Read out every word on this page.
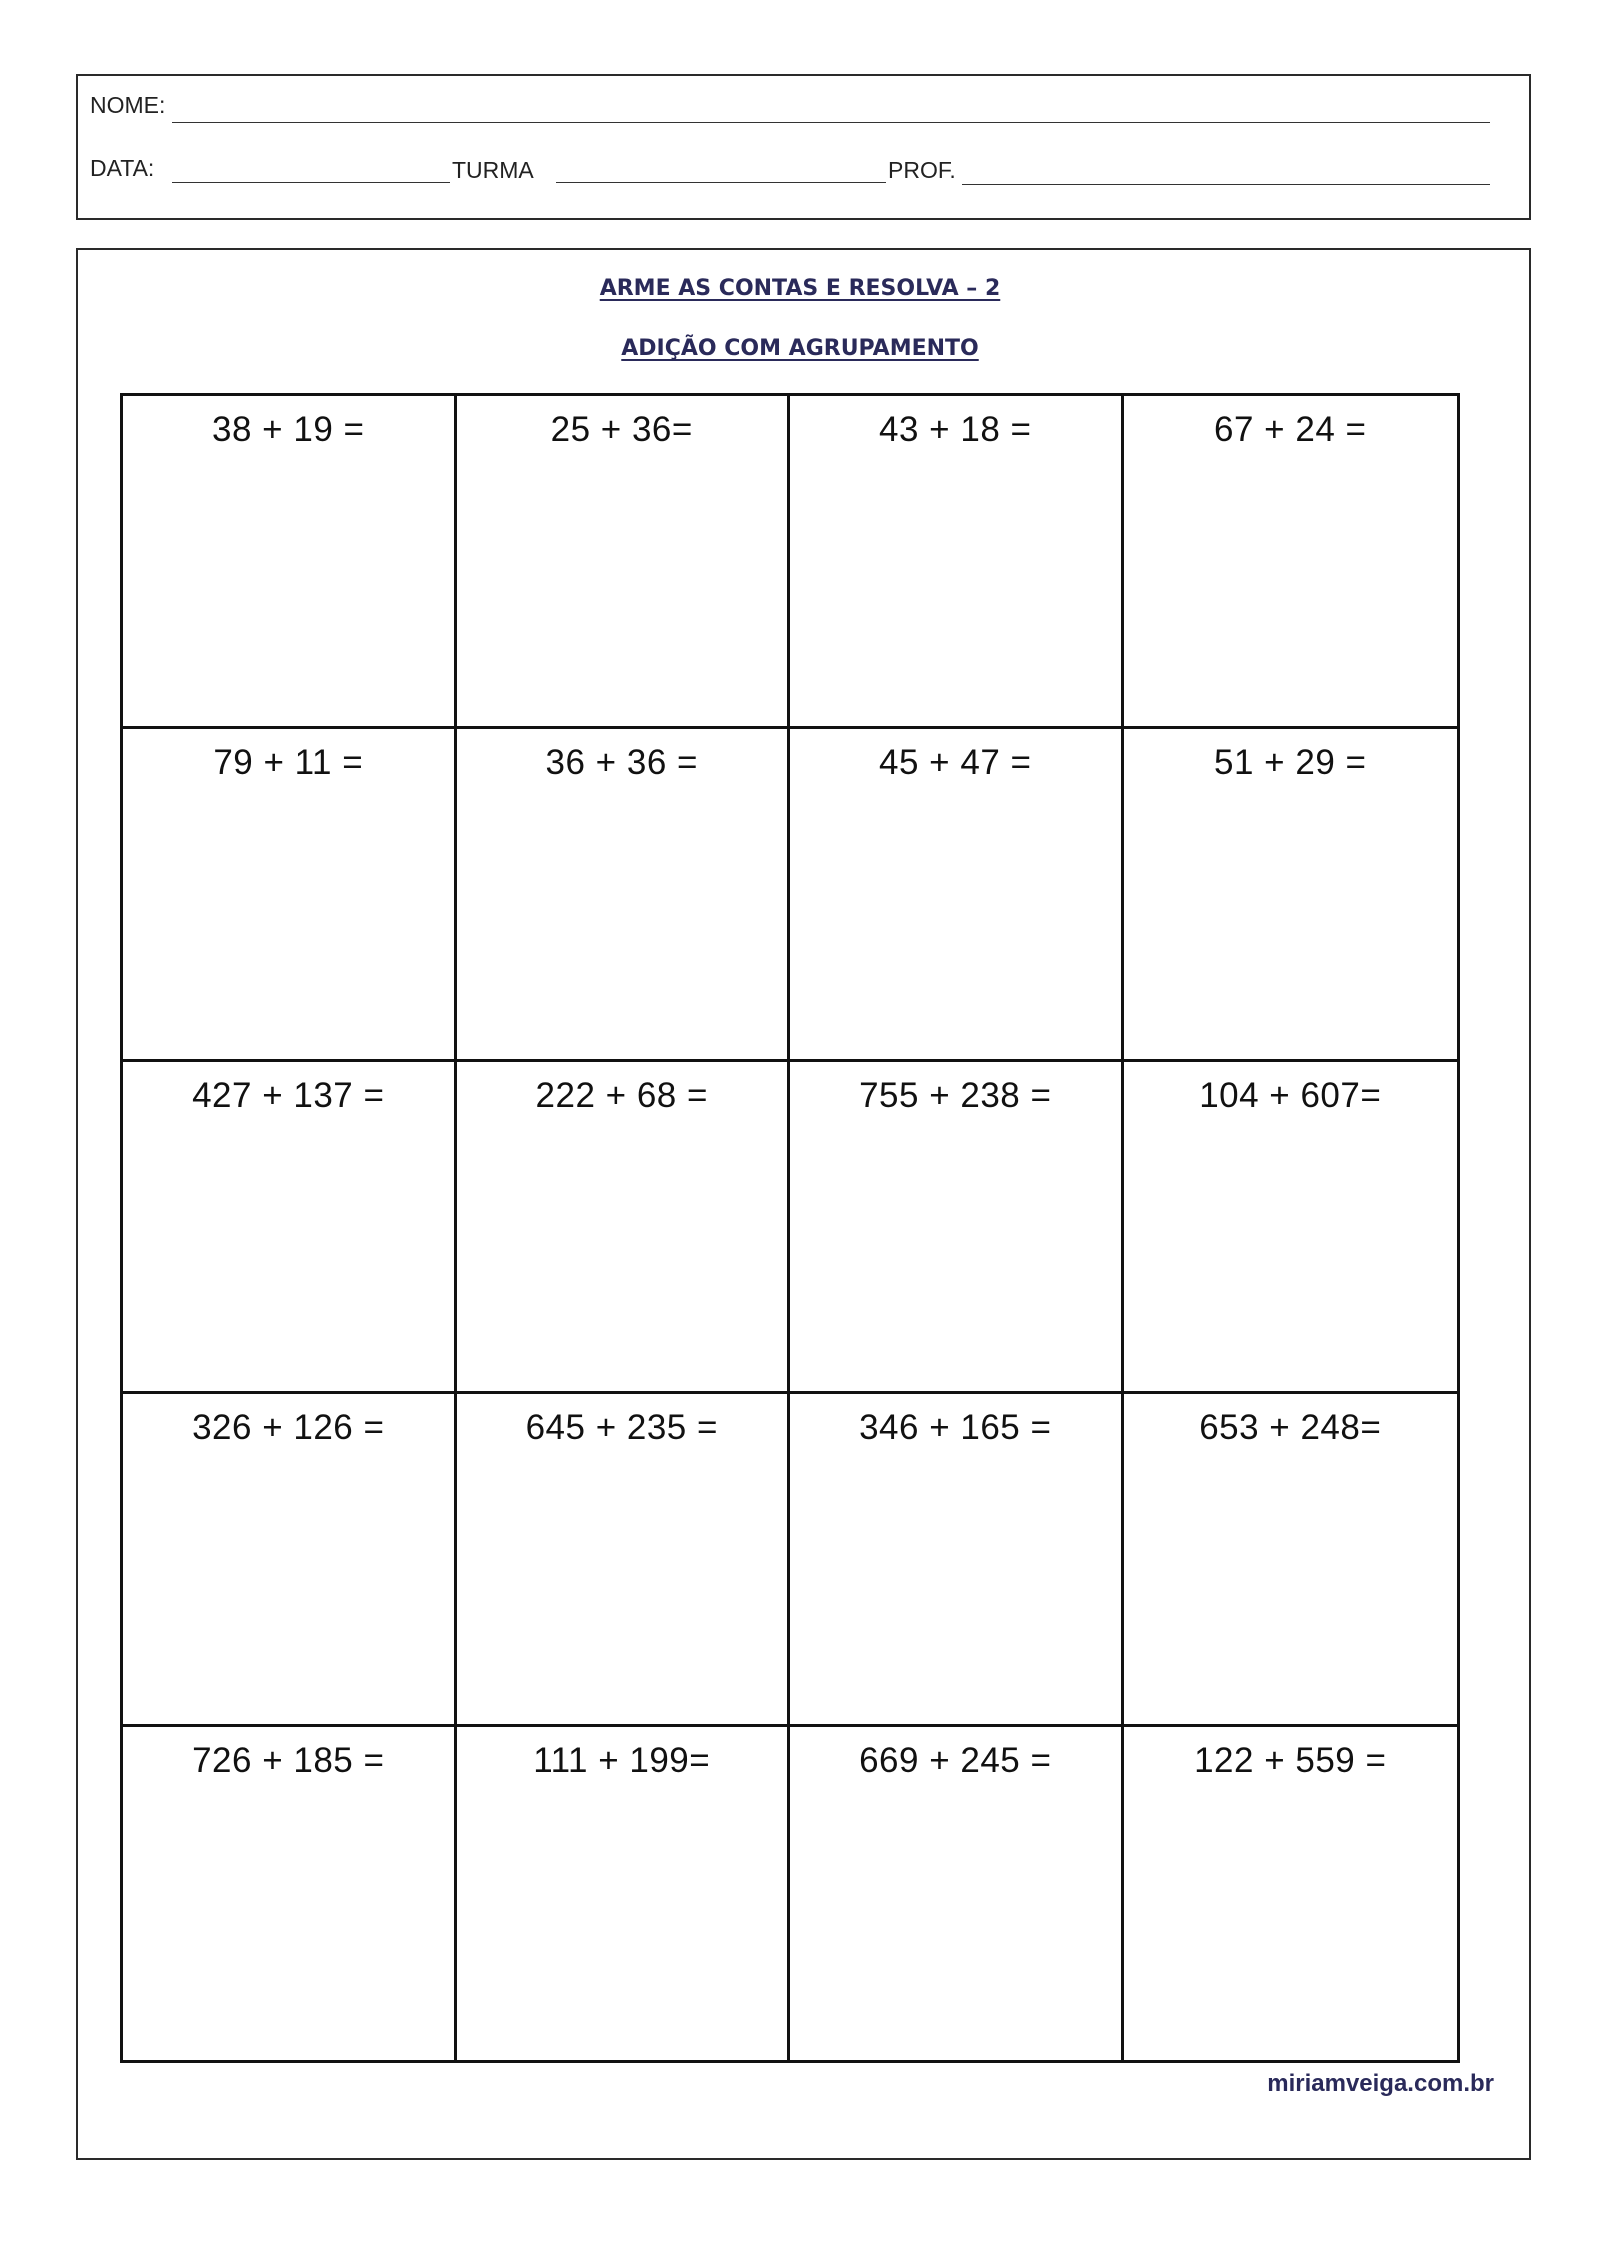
NOME:
DATA:	TURMA	PROF.
ARME AS CONTAS E RESOLVA – 2
ADIÇÃO COM AGRUPAMENTO
38 + 19 =	25 + 36=	43 + 18 =	67 + 24 =
79 + 11 =	36 + 36 =	45 + 47 =	51 + 29 =
427 + 137 =	222 + 68 =	755 + 238 =	104 + 607=
326 + 126 =	645 + 235 =	346 + 165 =	653 + 248=
726 + 185 =	111 + 199=	669 + 245 =	122 + 559 =
miriamveiga.com.br
